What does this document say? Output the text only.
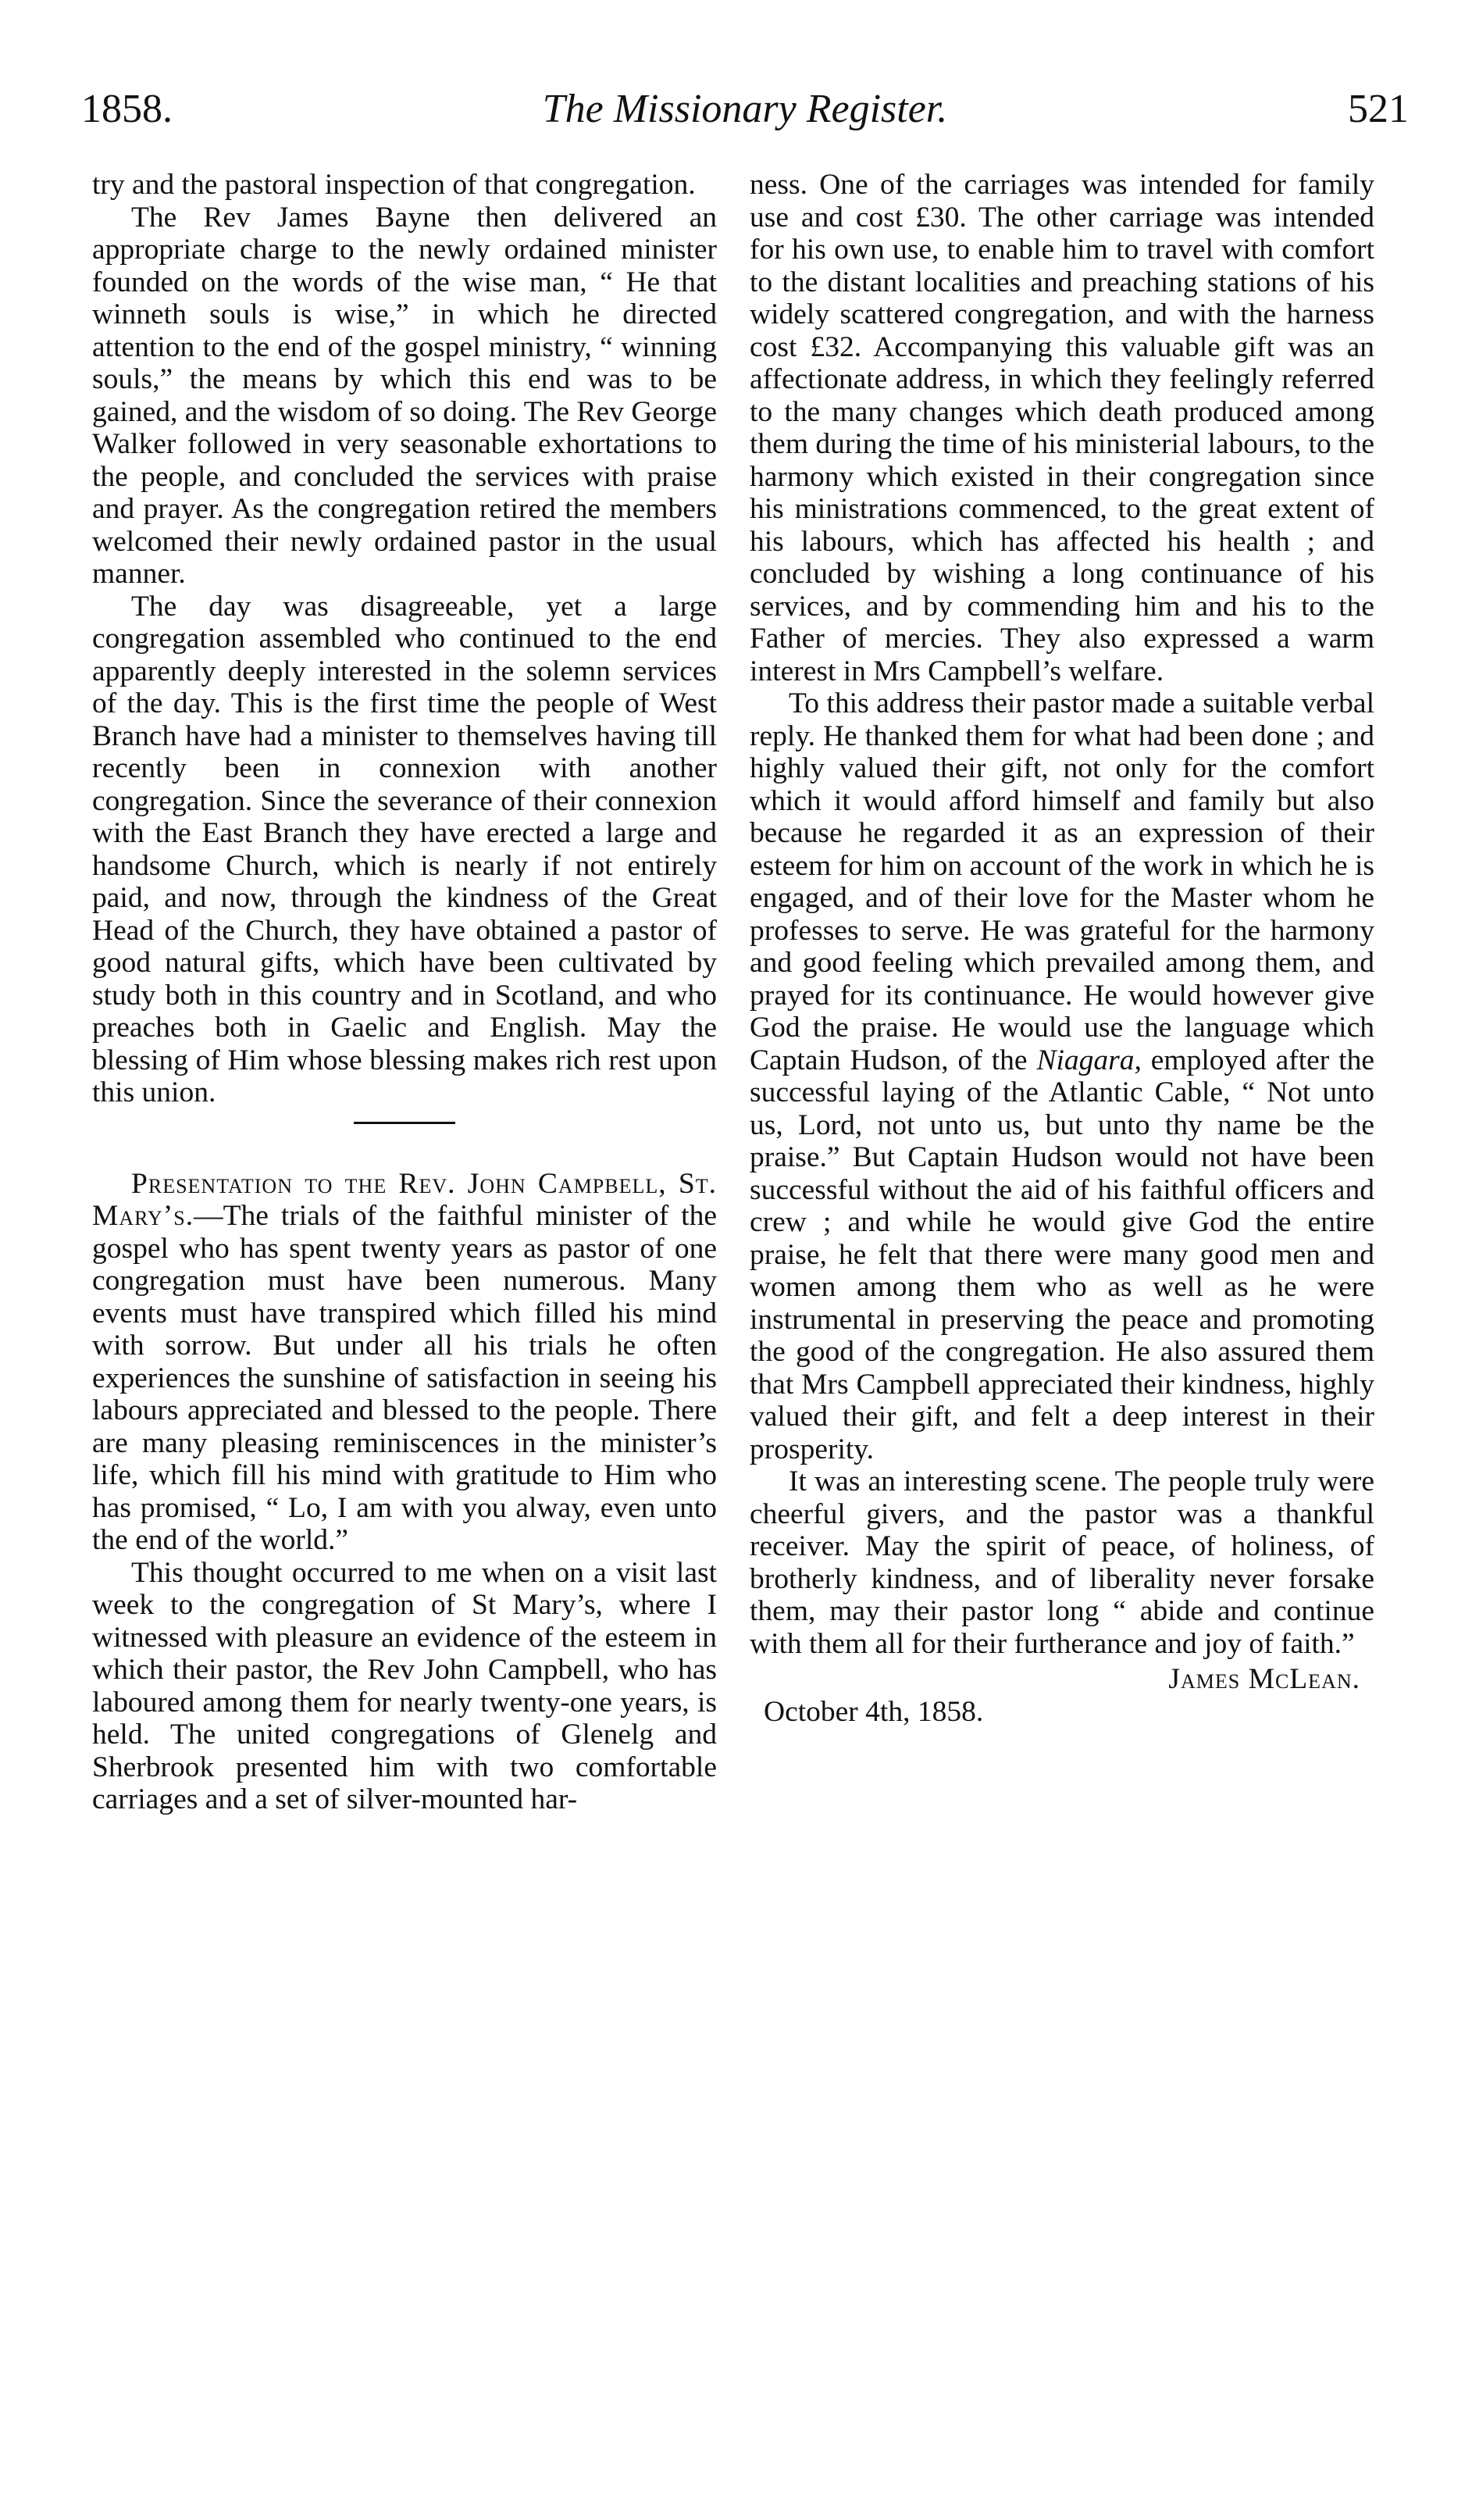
1858.	The Missionary Register.	521

try and the pastoral inspection of that congregation.

The Rev James Bayne then delivered an appropriate charge to the newly ordained minister founded on the words of the wise man, “ He that winneth souls is wise,” in which he directed attention to the end of the gospel ministry, “ winning souls,” the means by which this end was to be gained, and the wisdom of so doing. The Rev George Walker followed in very seasonable exhortations to the people, and concluded the services with praise and prayer. As the congregation retired the members welcomed their newly ordained pastor in the usual manner.

The day was disagreeable, yet a large congregation assembled who continued to the end apparently deeply interested in the solemn services of the day. This is the first time the people of West Branch have had a minister to themselves having till recently been in connexion with another congregation. Since the severance of their connexion with the East Branch they have erected a large and handsome Church, which is nearly if not entirely paid, and now, through the kindness of the Great Head of the Church, they have obtained a pastor of good natural gifts, which have been cultivated by study both in this country and in Scotland, and who preaches both in Gaelic and English. May the blessing of Him whose blessing makes rich rest upon this union.

Presentation to the Rev. John Campbell, St. Mary’s.—The trials of the faithful minister of the gospel who has spent twenty years as pastor of one congregation must have been numerous. Many events must have transpired which filled his mind with sorrow. But under all his trials he often experiences the sunshine of satisfaction in seeing his labours appreciated and blessed to the people. There are many pleasing reminiscences in the minister’s life, which fill his mind with gratitude to Him who has promised, “ Lo, I am with you alway, even unto the end of the world.”

This thought occurred to me when on a visit last week to the congregation of St Mary’s, where I witnessed with pleasure an evidence of the esteem in which their pastor, the Rev John Campbell, who has laboured among them for nearly twenty-one years, is held. The united congregations of Glenelg and Sherbrook presented him with two comfortable carriages and a set of silver-mounted har-

ness. One of the carriages was intended for family use and cost £30. The other carriage was intended for his own use, to enable him to travel with comfort to the distant localities and preaching stations of his widely scattered congregation, and with the harness cost £32. Accompanying this valuable gift was an affectionate address, in which they feelingly referred to the many changes which death produced among them during the time of his ministerial labours, to the harmony which existed in their congregation since his ministrations commenced, to the great extent of his labours, which has affected his health ; and concluded by wishing a long continuance of his services, and by commending him and his to the Father of mercies. They also expressed a warm interest in Mrs Campbell’s welfare.

To this address their pastor made a suitable verbal reply. He thanked them for what had been done ; and highly valued their gift, not only for the comfort which it would afford himself and family but also because he regarded it as an expression of their esteem for him on account of the work in which he is engaged, and of their love for the Master whom he professes to serve. He was grateful for the harmony and good feeling which prevailed among them, and prayed for its continuance. He would however give God the praise. He would use the language which Captain Hudson, of the Niagara, employed after the successful laying of the Atlantic Cable, “ Not unto us, Lord, not unto us, but unto thy name be the praise.” But Captain Hudson would not have been successful without the aid of his faithful officers and crew ; and while he would give God the entire praise, he felt that there were many good men and women among them who as well as he were instrumental in preserving the peace and promoting the good of the congregation. He also assured them that Mrs Campbell appreciated their kindness, highly valued their gift, and felt a deep interest in their prosperity.

It was an interesting scene. The people truly were cheerful givers, and the pastor was a thankful receiver. May the spirit of peace, of holiness, of brotherly kindness, and of liberality never forsake them, may their pastor long “ abide and continue with them all for their furtherance and joy of faith.”

James McLean.
October 4th, 1858.
